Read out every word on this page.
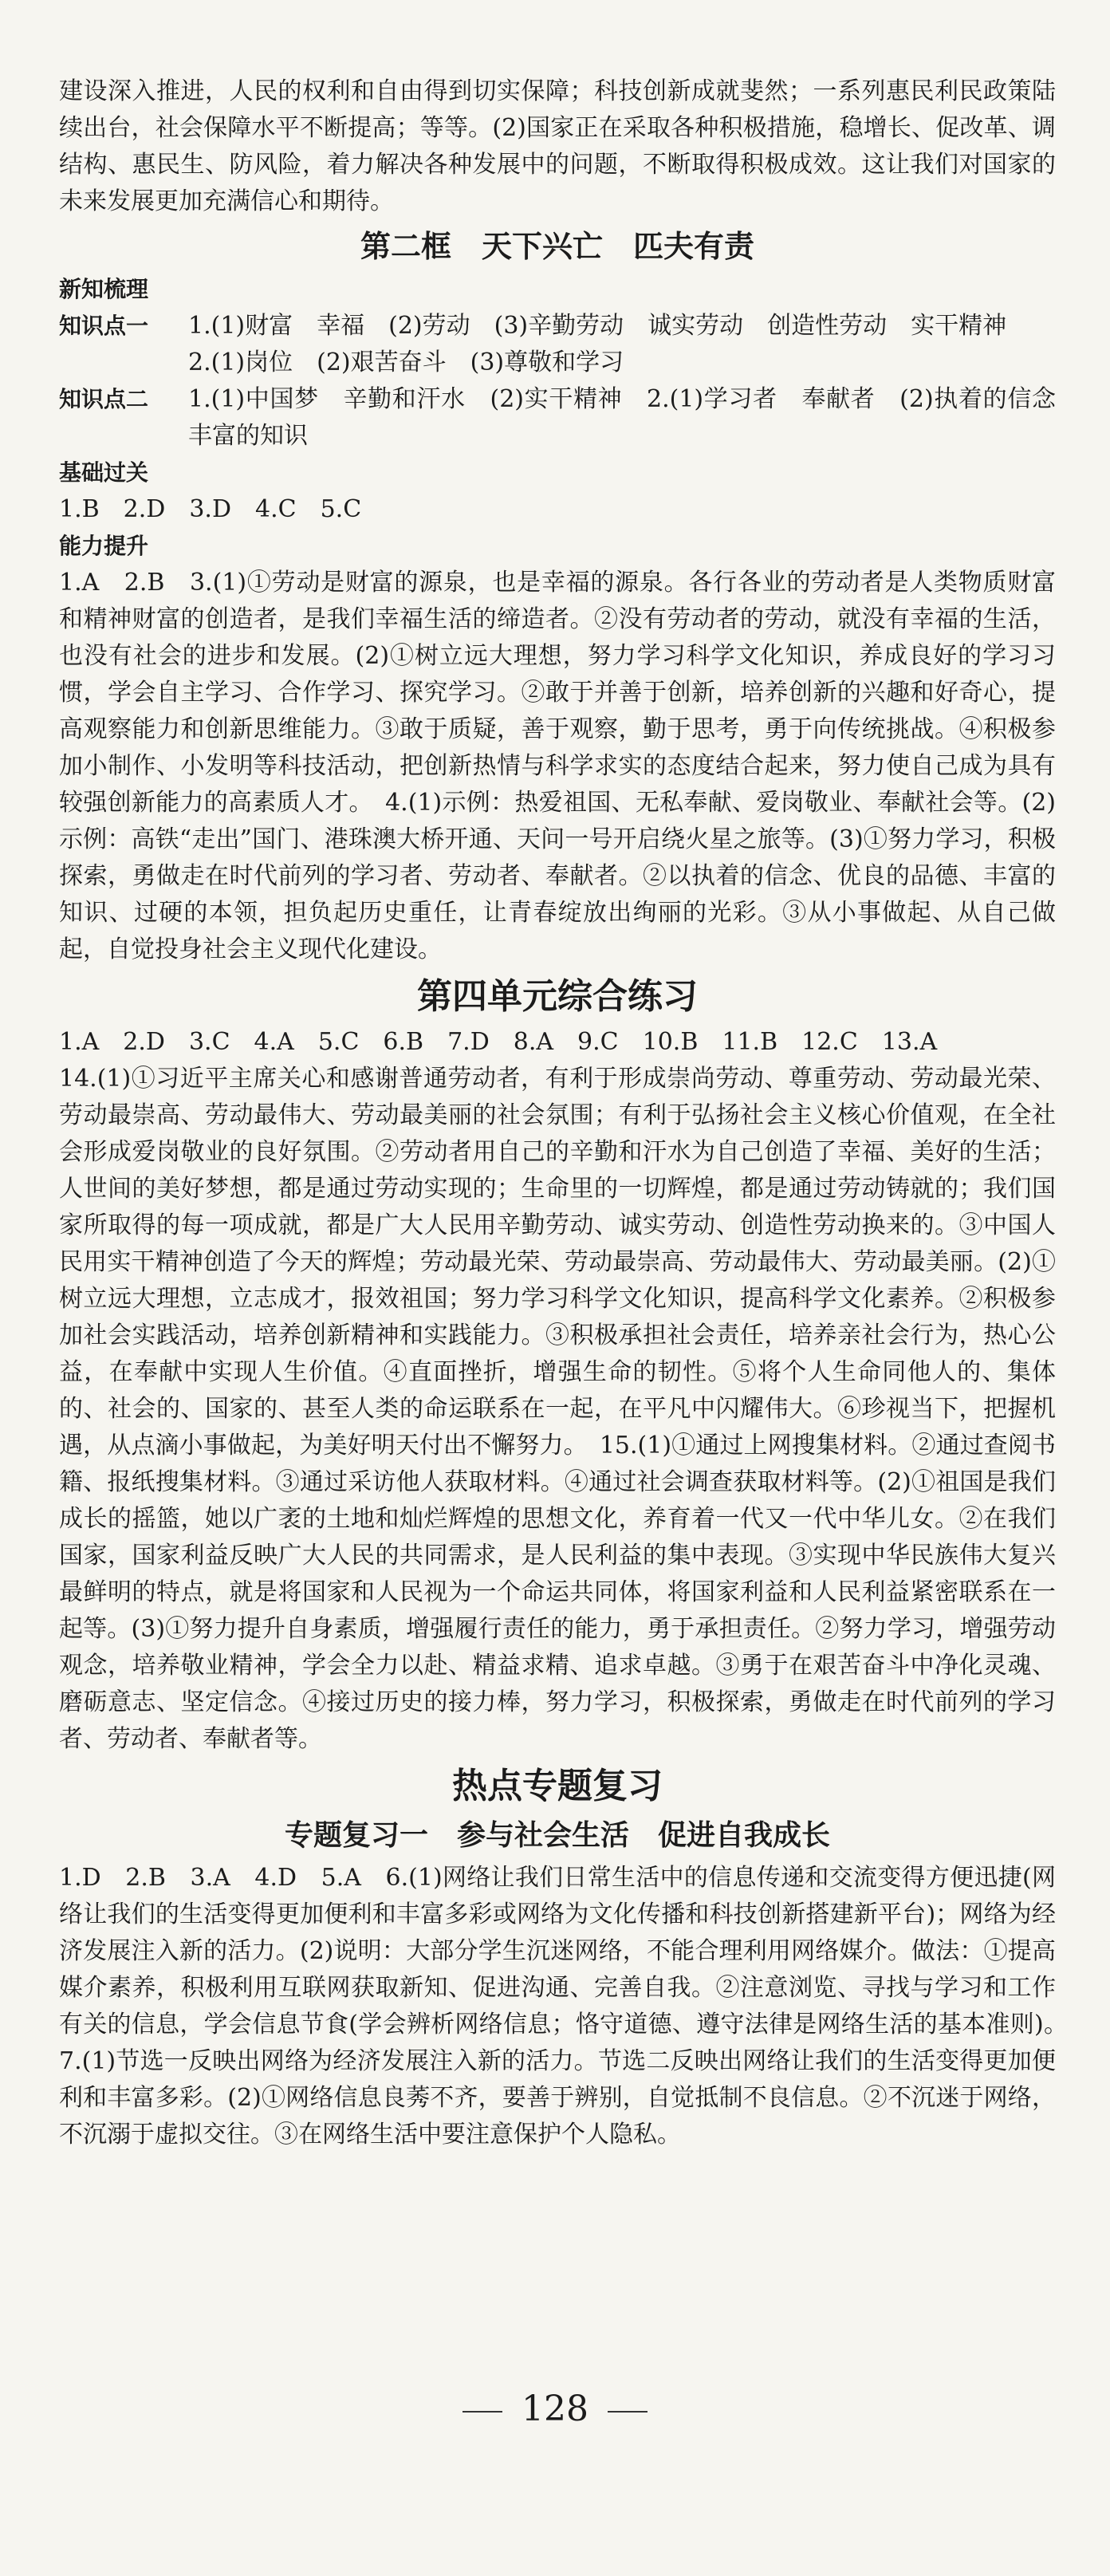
建设深入推进，人民的权利和自由得到切实保障；科技创新成就斐然；一系列惠民利民政策陆续出台，社会保障水平不断提高；等等。(2)国家正在采取各种积极措施，稳增长、促改革、调结构、惠民生、防风险，着力解决各种发展中的问题，不断取得积极成效。这让我们对国家的未来发展更加充满信心和期待。

第二框　天下兴亡　匹夫有责
新知梳理
知识点一	1.(1)财富　幸福　(2)劳动　(3)辛勤劳动　诚实劳动　创造性劳动　实干精神
2.(1)岗位　(2)艰苦奋斗　(3)尊敬和学习
知识点二	1.(1)中国梦　辛勤和汗水　(2)实干精神　2.(1)学习者　奉献者　(2)执着的信念　丰富的知识
基础过关

1.B　2.D　3.D　4.C　5.C

能力提升

1.A　2.B　3.(1)①劳动是财富的源泉，也是幸福的源泉。各行各业的劳动者是人类物质财富和精神财富的创造者，是我们幸福生活的缔造者。②没有劳动者的劳动，就没有幸福的生活，也没有社会的进步和发展。(2)①树立远大理想，努力学习科学文化知识，养成良好的学习习惯，学会自主学习、合作学习、探究学习。②敢于并善于创新，培养创新的兴趣和好奇心，提高观察能力和创新思维能力。③敢于质疑，善于观察，勤于思考，勇于向传统挑战。④积极参加小制作、小发明等科技活动，把创新热情与科学求实的态度结合起来，努力使自己成为具有较强创新能力的高素质人才。　4.(1)示例：热爱祖国、无私奉献、爱岗敬业、奉献社会等。(2)示例：高铁“走出”国门、港珠澳大桥开通、天问一号开启绕火星之旅等。(3)①努力学习，积极探索，勇做走在时代前列的学习者、劳动者、奉献者。②以执着的信念、优良的品德、丰富的知识、过硬的本领，担负起历史重任，让青春绽放出绚丽的光彩。③从小事做起、从自己做起，自觉投身社会主义现代化建设。

第四单元综合练习

1.A　2.D　3.C　4.A　5.C　6.B　7.D　8.A　9.C　10.B　11.B　12.C　13.A

14.(1)①习近平主席关心和感谢普通劳动者，有利于形成崇尚劳动、尊重劳动、劳动最光荣、劳动最崇高、劳动最伟大、劳动最美丽的社会氛围；有利于弘扬社会主义核心价值观，在全社会形成爱岗敬业的良好氛围。②劳动者用自己的辛勤和汗水为自己创造了幸福、美好的生活；人世间的美好梦想，都是通过劳动实现的；生命里的一切辉煌，都是通过劳动铸就的；我们国家所取得的每一项成就，都是广大人民用辛勤劳动、诚实劳动、创造性劳动换来的。③中国人民用实干精神创造了今天的辉煌；劳动最光荣、劳动最崇高、劳动最伟大、劳动最美丽。(2)①树立远大理想，立志成才，报效祖国；努力学习科学文化知识，提高科学文化素养。②积极参加社会实践活动，培养创新精神和实践能力。③积极承担社会责任，培养亲社会行为，热心公益，在奉献中实现人生价值。④直面挫折，增强生命的韧性。⑤将个人生命同他人的、集体的、社会的、国家的、甚至人类的命运联系在一起，在平凡中闪耀伟大。⑥珍视当下，把握机遇，从点滴小事做起，为美好明天付出不懈努力。　15.(1)①通过上网搜集材料。②通过查阅书籍、报纸搜集材料。③通过采访他人获取材料。④通过社会调查获取材料等。(2)①祖国是我们成长的摇篮，她以广袤的土地和灿烂辉煌的思想文化，养育着一代又一代中华儿女。②在我们国家，国家利益反映广大人民的共同需求，是人民利益的集中表现。③实现中华民族伟大复兴最鲜明的特点，就是将国家和人民视为一个命运共同体，将国家利益和人民利益紧密联系在一起等。(3)①努力提升自身素质，增强履行责任的能力，勇于承担责任。②努力学习，增强劳动观念，培养敬业精神，学会全力以赴、精益求精、追求卓越。③勇于在艰苦奋斗中净化灵魂、磨砺意志、坚定信念。④接过历史的接力棒，努力学习，积极探索，勇做走在时代前列的学习者、劳动者、奉献者等。

热点专题复习
专题复习一　参与社会生活　促进自我成长

1.D　2.B　3.A　4.D　5.A　6.(1)网络让我们日常生活中的信息传递和交流变得方便迅捷(网络让我们的生活变得更加便利和丰富多彩或网络为文化传播和科技创新搭建新平台)；网络为经济发展注入新的活力。(2)说明：大部分学生沉迷网络，不能合理利用网络媒介。做法：①提高媒介素养，积极利用互联网获取新知、促进沟通、完善自我。②注意浏览、寻找与学习和工作有关的信息，学会信息节食(学会辨析网络信息；恪守道德、遵守法律是网络生活的基本准则)。　7.(1)节选一反映出网络为经济发展注入新的活力。节选二反映出网络让我们的生活变得更加便利和丰富多彩。(2)①网络信息良莠不齐，要善于辨别，自觉抵制不良信息。②不沉迷于网络，不沉溺于虚拟交往。③在网络生活中要注意保护个人隐私。

128
